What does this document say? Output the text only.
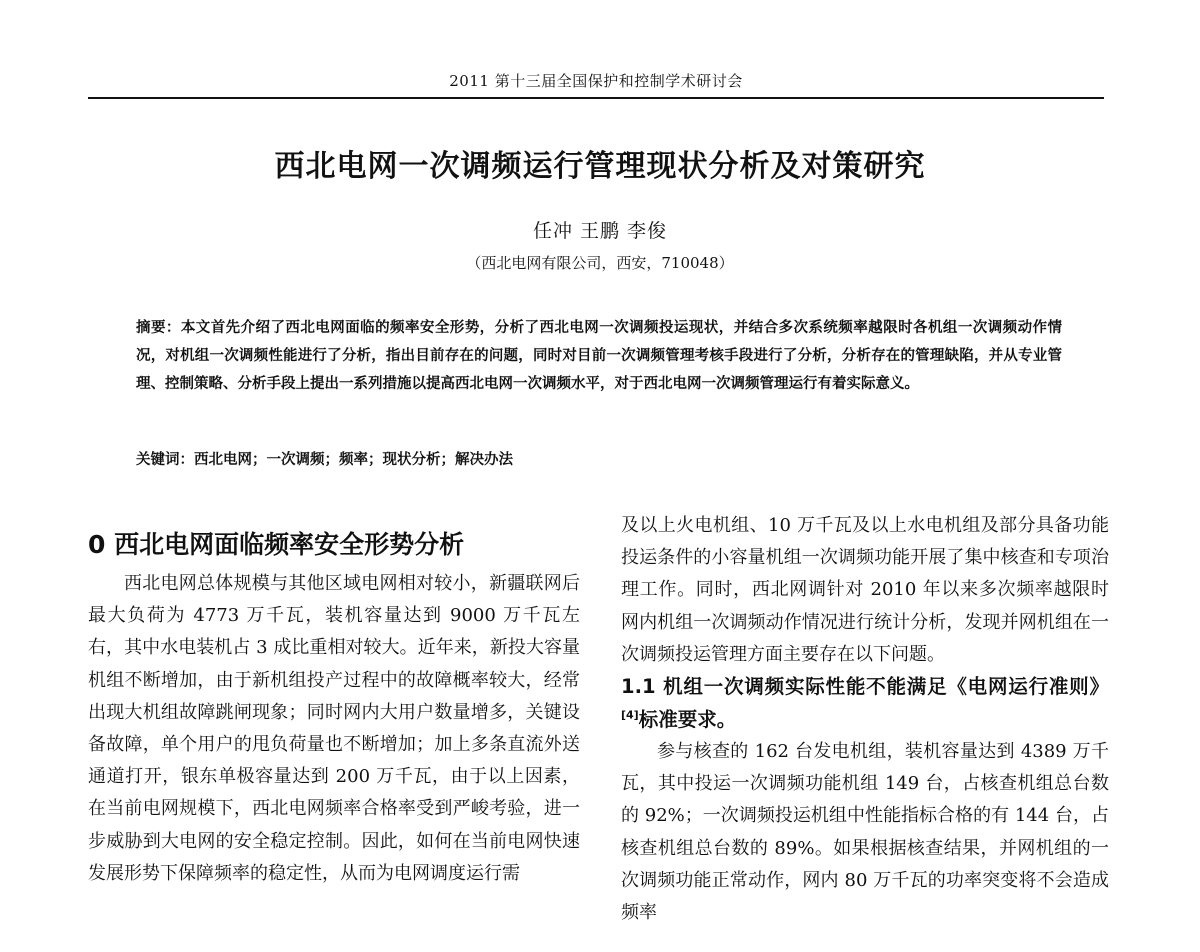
2011 第十三届全国保护和控制学术研讨会
西北电网一次调频运行管理现状分析及对策研究
任冲 王鹏 李俊
（西北电网有限公司，西安，710048）

摘要：本文首先介绍了西北电网面临的频率安全形势，分析了西北电网一次调频投运现状，并结合多次系统频率越限时各机组一次调频动作情况，对机组一次调频性能进行了分析，指出目前存在的问题，同时对目前一次调频管理考核手段进行了分析，分析存在的管理缺陷，并从专业管理、控制策略、分析手段上提出一系列措施以提高西北电网一次调频水平，对于西北电网一次调频管理运行有着实际意义。

关键词：西北电网；一次调频；频率；现状分析；解决办法

0 西北电网面临频率安全形势分析

西北电网总体规模与其他区域电网相对较小，新疆联网后最大负荷为 4773 万千瓦，装机容量达到 9000 万千瓦左右，其中水电装机占 3 成比重相对较大。近年来，新投大容量机组不断增加，由于新机组投产过程中的故障概率较大，经常出现大机组故障跳闸现象；同时网内大用户数量增多，关键设备故障，单个用户的甩负荷量也不断增加；加上多条直流外送通道打开，银东单极容量达到 200 万千瓦，由于以上因素，在当前电网规模下，西北电网频率合格率受到严峻考验，进一步威胁到大电网的安全稳定控制。因此，如何在当前电网快速发展形势下保障频率的稳定性，从而为电网调度运行需

及以上火电机组、10 万千瓦及以上水电机组及部分具备功能投运条件的小容量机组一次调频功能开展了集中核查和专项治理工作。同时，西北网调针对 2010 年以来多次频率越限时网内机组一次调频动作情况进行统计分析，发现并网机组在一次调频投运管理方面主要存在以下问题。

1.1 机组一次调频实际性能不能满足《电网运行准则》[4]标准要求。

参与核查的 162 台发电机组，装机容量达到 4389 万千瓦，其中投运一次调频功能机组 149 台，占核查机组总台数的 92%；一次调频投运机组中性能指标合格的有 144 台，占核查机组总台数的 89%。如果根据核查结果，并网机组的一次调频功能正常动作，网内 80 万千瓦的功率突变将不会造成频率
